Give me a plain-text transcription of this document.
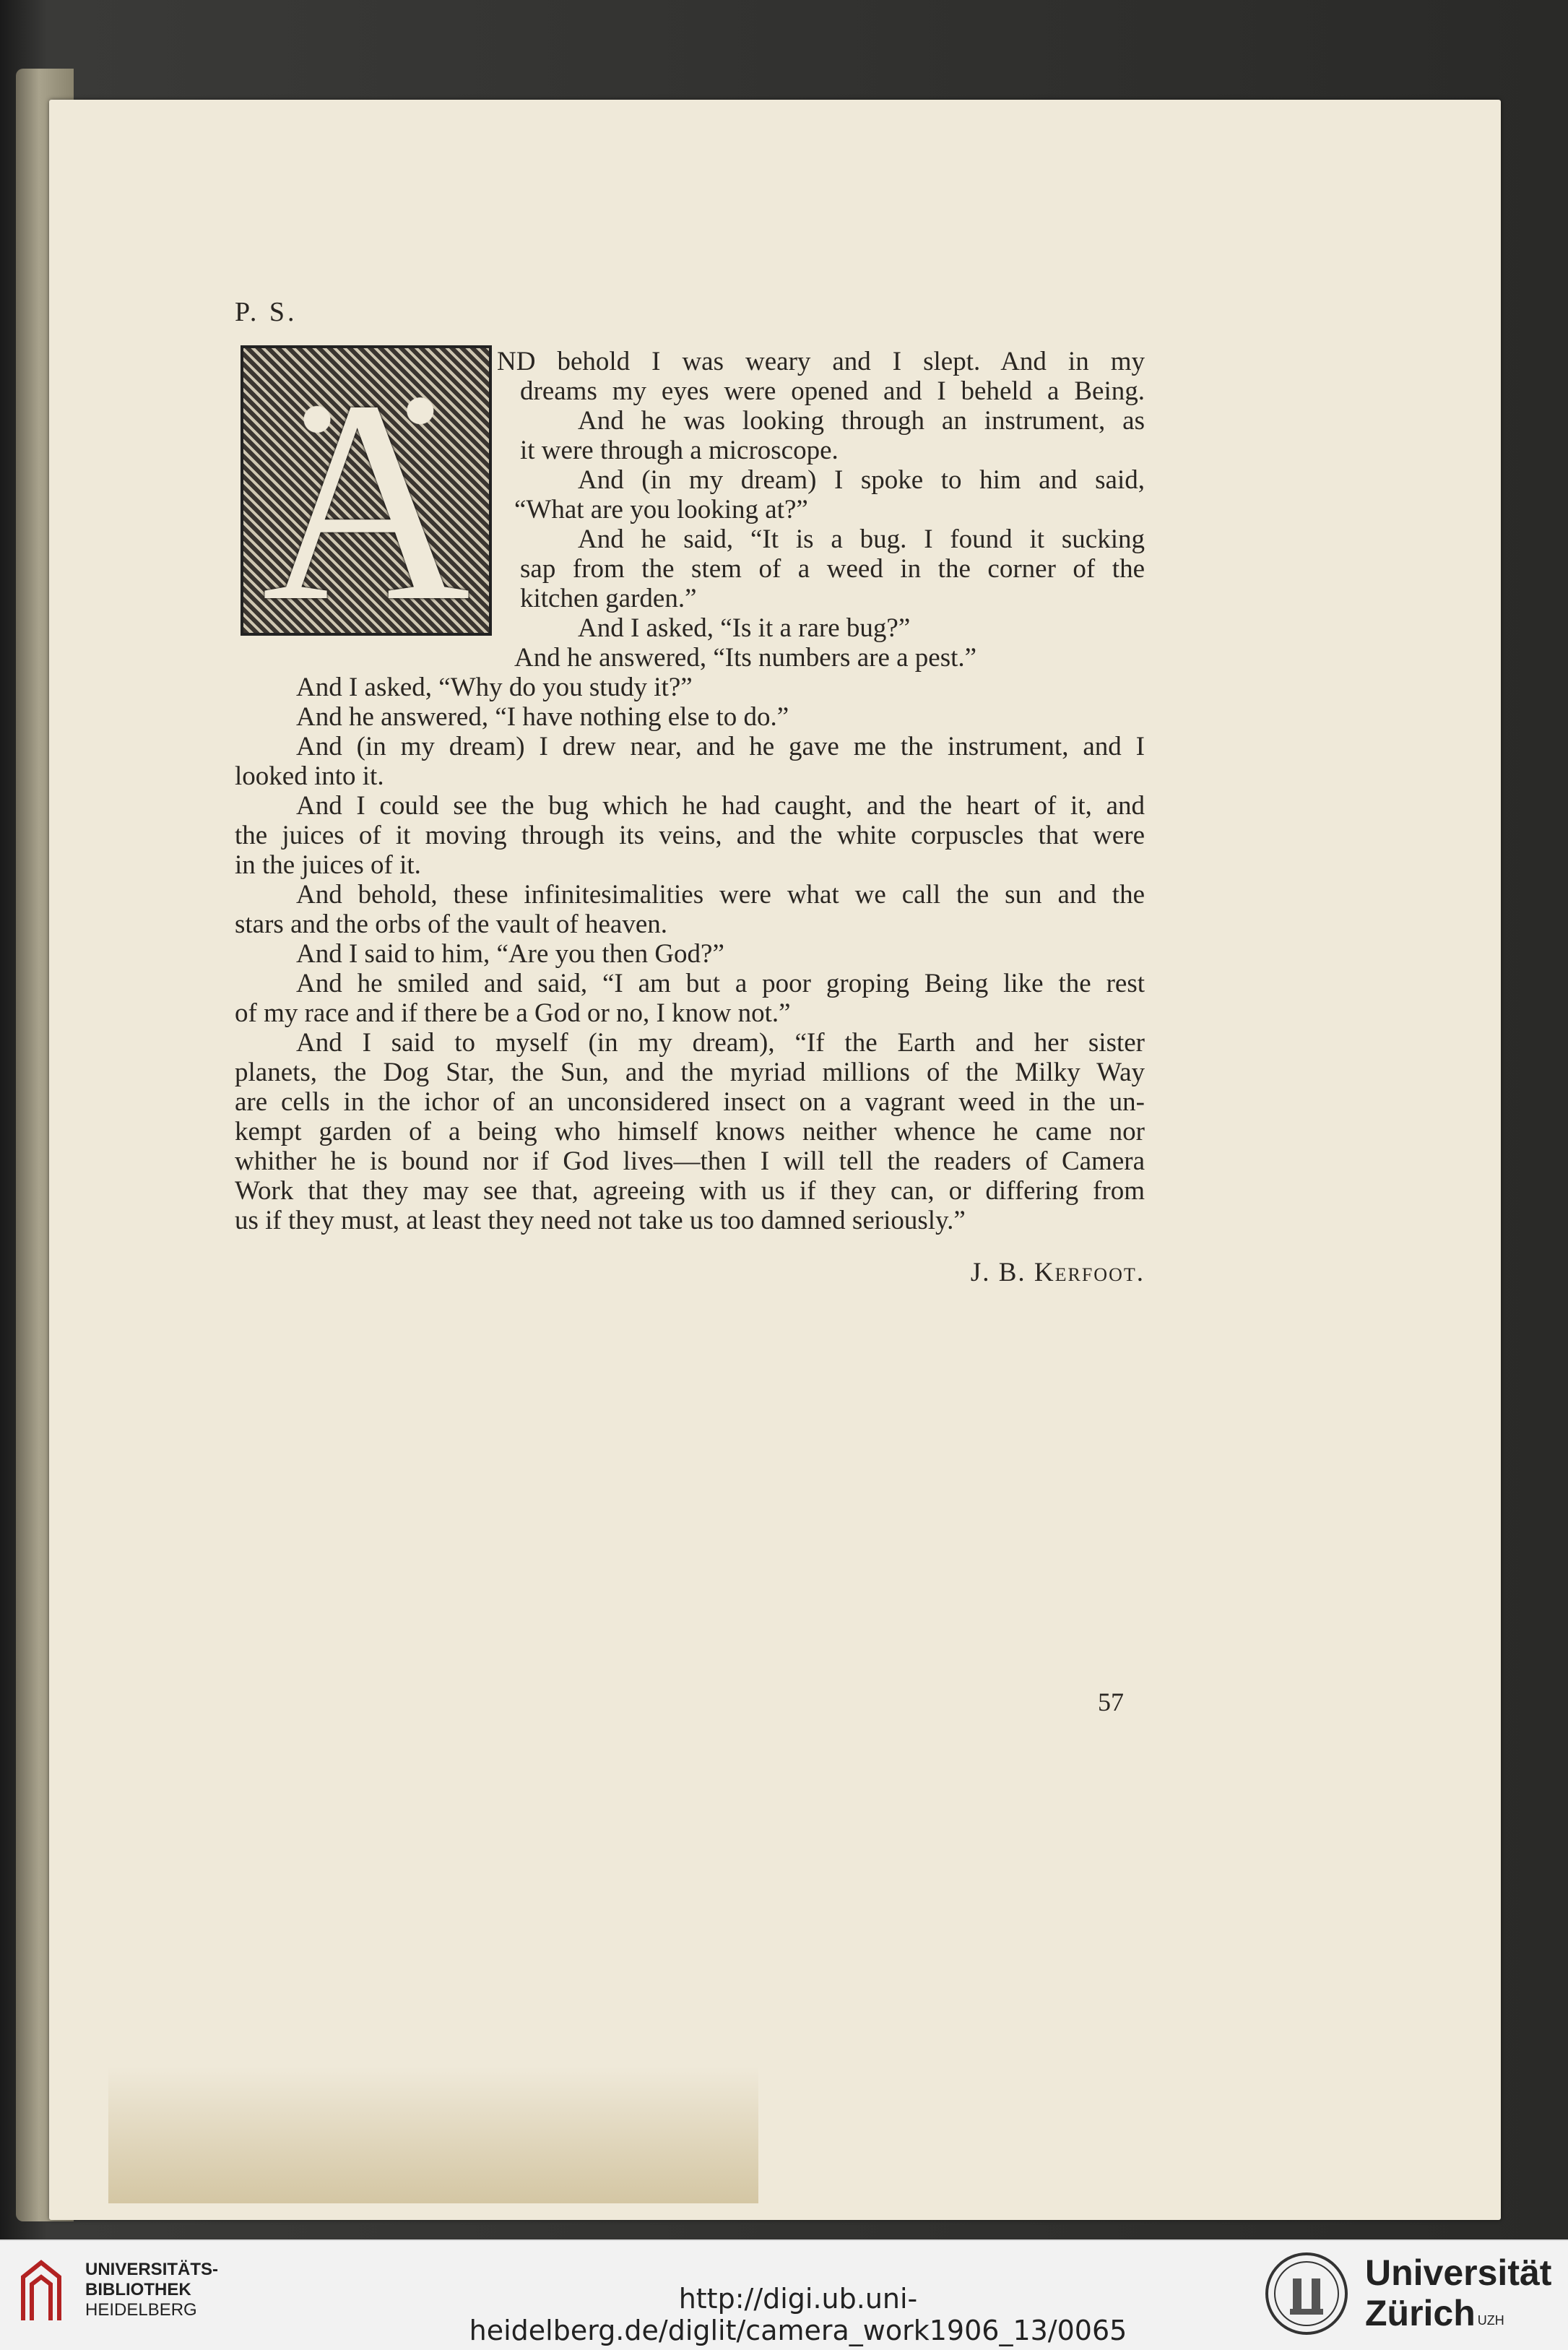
P. S.
A ND behold I was weary and I slept. And in my
dreams my eyes were opened and I beheld a Being.
And he was looking through an instrument, as
it were through a microscope.
And (in my dream) I spoke to him and said,
“What are you looking at?”
And he said, “It is a bug. I found it sucking
sap from the stem of a weed in the corner of the
kitchen garden.”
And I asked, “Is it a rare bug?”
And he answered, “Its numbers are a pest.”
And I asked, “Why do you study it?”
And he answered, “I have nothing else to do.”
And (in my dream) I drew near, and he gave me the instrument, and I
looked into it.
And I could see the bug which he had caught, and the heart of it, and
the juices of it moving through its veins, and the white corpuscles that were
in the juices of it.
And behold, these infinitesimalities were what we call the sun and the
stars and the orbs of the vault of heaven.
And I said to him, “Are you then God?”
And he smiled and said, “I am but a poor groping Being like the rest
of my race and if there be a God or no, I know not.”
And I said to myself (in my dream), “If the Earth and her sister
planets, the Dog Star, the Sun, and the myriad millions of the Milky Way
are cells in the ichor of an unconsidered insect on a vagrant weed in the un-
kempt garden of a being who himself knows neither whence he came nor
whither he is bound nor if God lives—then I will tell the readers of Camera
Work that they may see that, agreeing with us if they can, or differing from
us if they must, at least they need not take us too damned seriously.”
J. B. Kerfoot.
57
UNIVERSITÄTS-
BIBLIOTHEK
HEIDELBERG	http://digi.ub.uni-heidelberg.de/diglit/camera_work1906_13/0065
Universität
Zürich $^{UZH}$
